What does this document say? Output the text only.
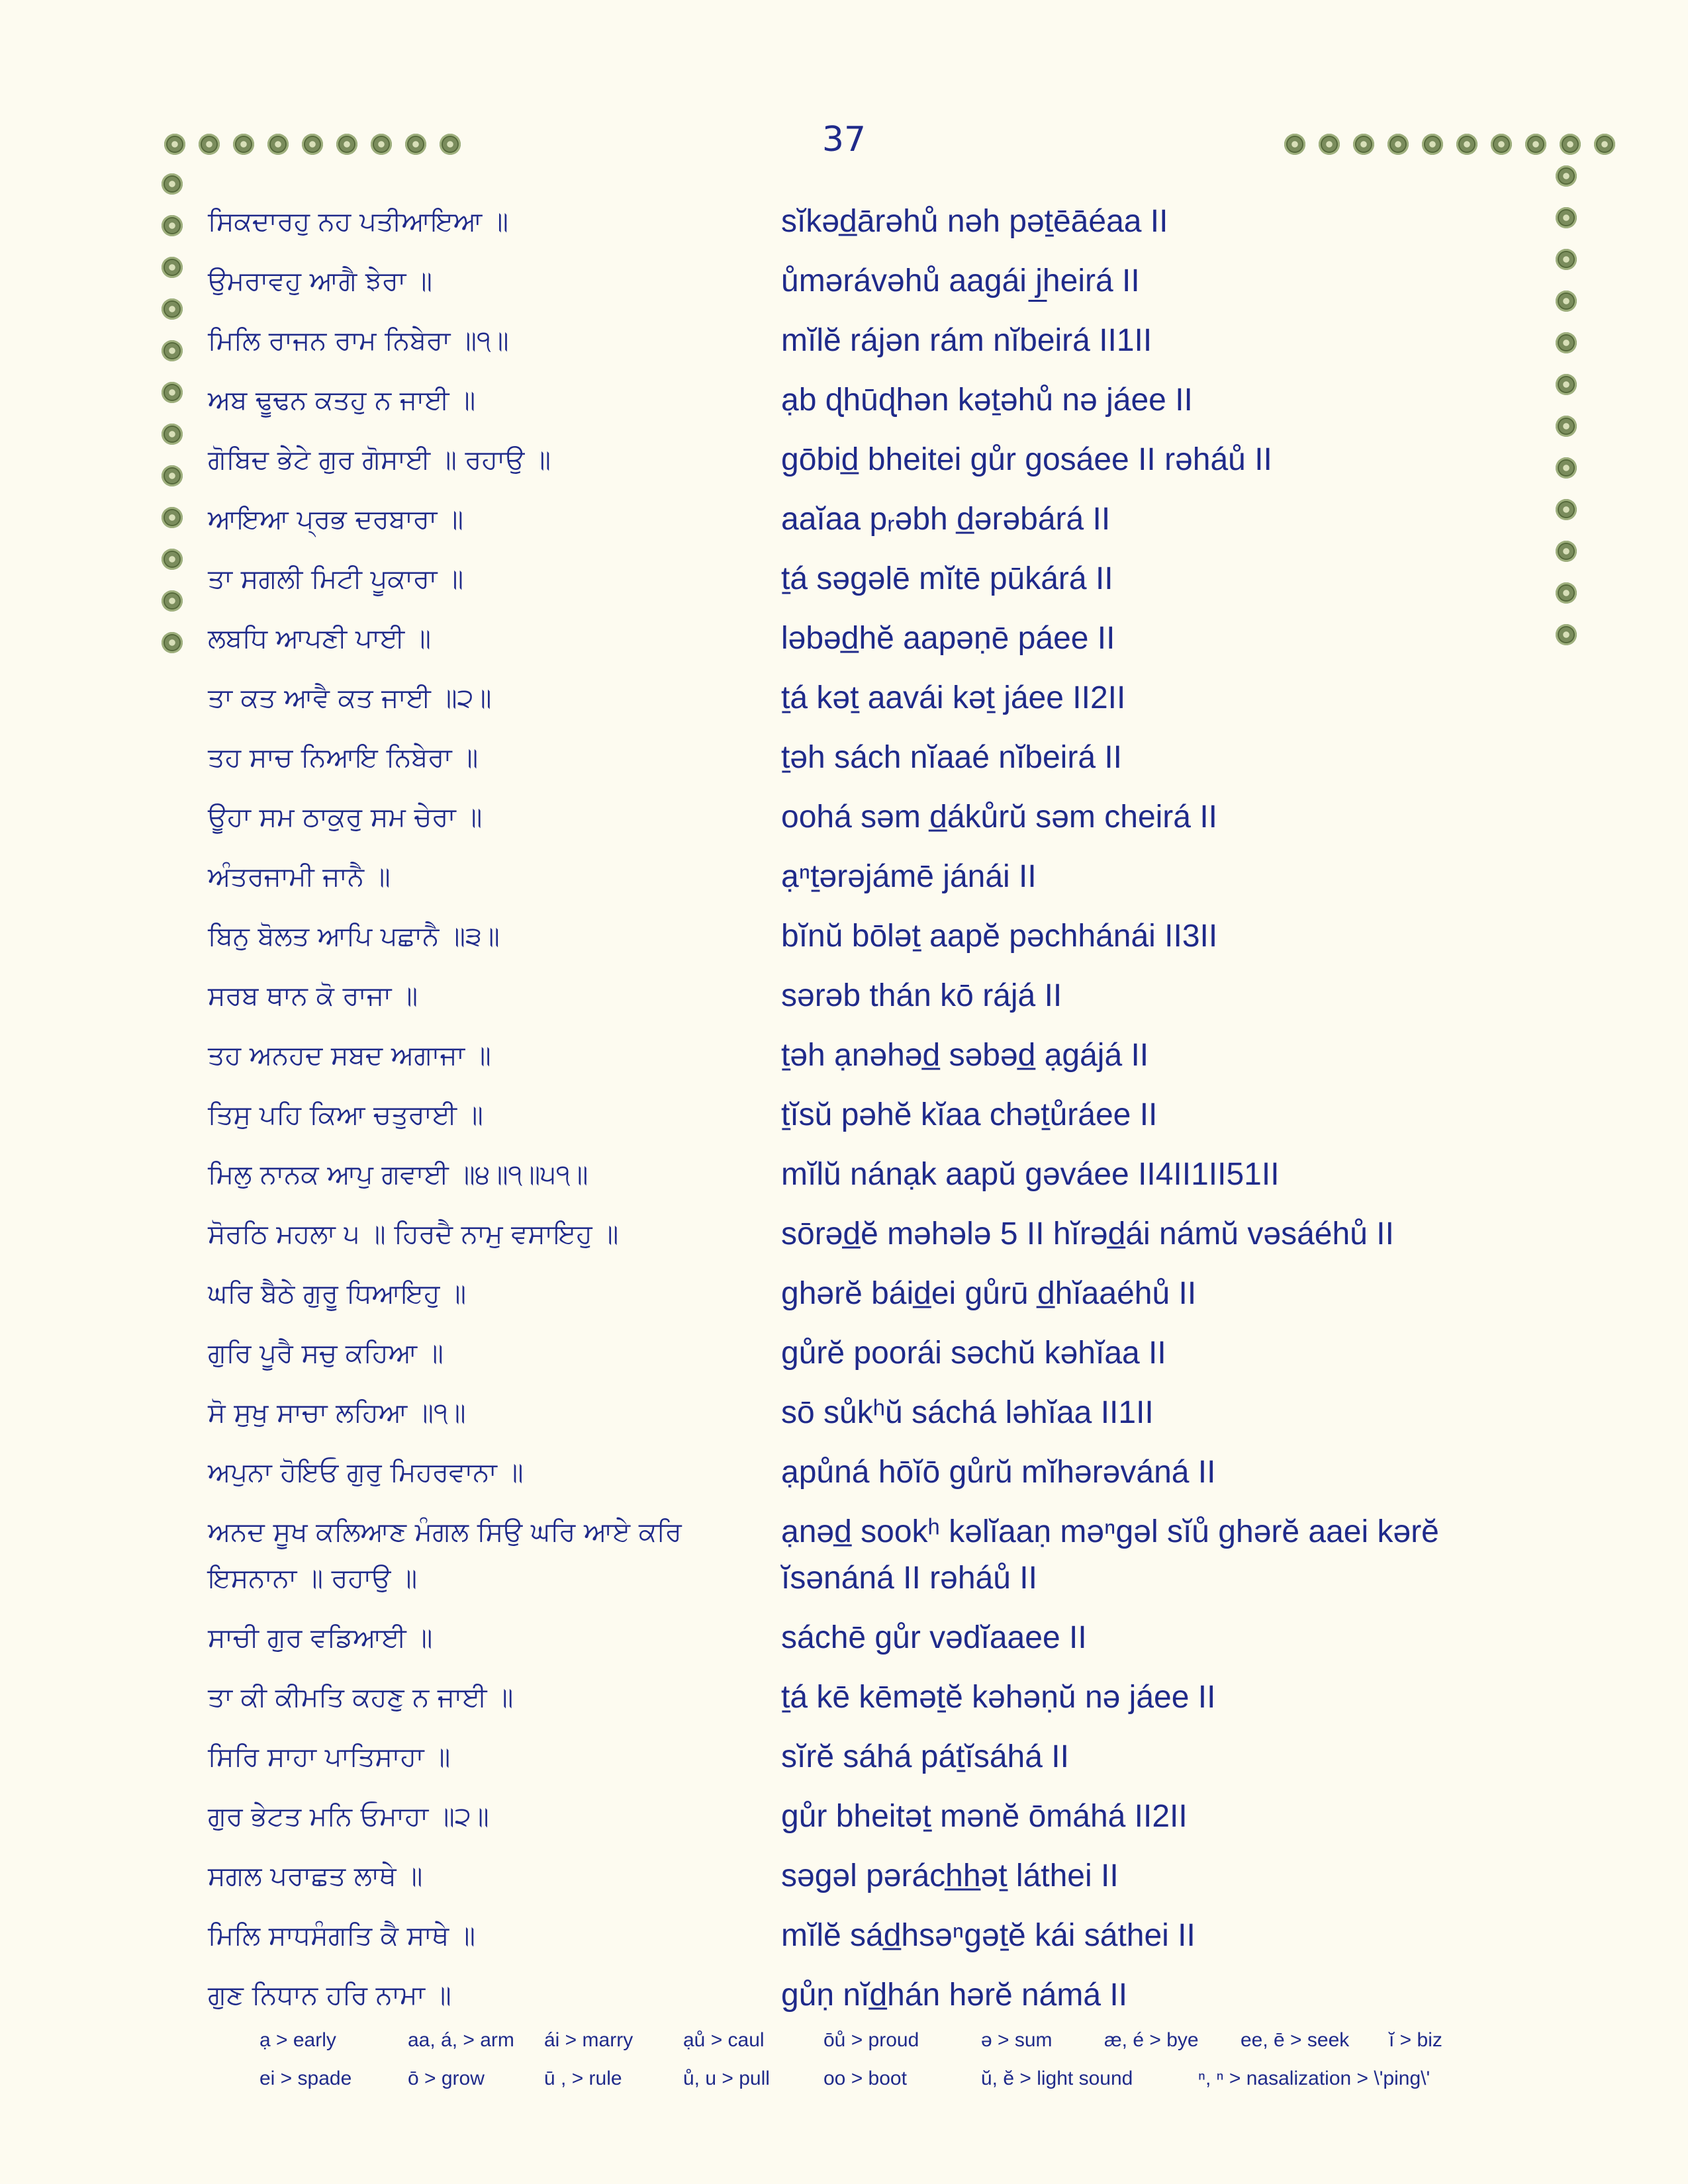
37
ਸਿਕਦਾਰਹੁ ਨਹ ਪਤੀਆਇਆ ॥	sĭkəd̲ārəhů nəh pəṯēāéaa II
ਉਮਰਾਵਹੁ ਆਗੈ ਝੇਰਾ ॥	ůmərávəhů aagái j̲heirá II
ਮਿਲਿ ਰਾਜਨ ਰਾਮ ਨਿਬੇਰਾ ॥੧॥	mĭlĕ rájən rám nĭbeirá II1II
ਅਬ ਢੂਢਨ ਕਤਹੁ ਨ ਜਾਈ ॥	ạb ɖhūɖhən kəṯəhů nə jáee II
ਗੋਬਿਦ ਭੇਟੇ ਗੁਰ ਗੋਸਾਈ ॥ ਰਹਾਉ ॥	gōbid̲ bheitei gůr gosáee II rəháů II
ਆਇਆ ਪ੍ਰਭ ਦਰਬਾਰਾ ॥	aaĭaa pᵣəbh d̲ərəbárá II
ਤਾ ਸਗਲੀ ਮਿਟੀ ਪੂਕਾਰਾ ॥	ṯá səgəlē mĭtē pūkárá II
ਲਬਧਿ ਆਪਣੀ ਪਾਈ ॥	ləbəd̲hĕ aapəṇē páee II
ਤਾ ਕਤ ਆਵੈ ਕਤ ਜਾਈ ॥੨॥	ṯá kəṯ aavái kəṯ jáee II2II
ਤਹ ਸਾਚ ਨਿਆਇ ਨਿਬੇਰਾ ॥	ṯəh sách nĭaaé nĭbeirá II
ਊਹਾ ਸਮ ਠਾਕੁਰੁ ਸਮ ਚੇਰਾ ॥	oohá səm d̲ákůrŭ səm cheirá II
ਅੰਤਰਜਾਮੀ ਜਾਨੈ ॥	ạⁿṯərəjámē jánái II
ਬਿਨੁ ਬੋਲਤ ਆਪਿ ਪਛਾਨੈ ॥੩॥	bĭnŭ bōləṯ aapĕ pəchhánái II3II
ਸਰਬ ਥਾਨ ਕੋ ਰਾਜਾ ॥	sərəb thán kō rájá II
ਤਹ ਅਨਹਦ ਸਬਦ ਅਗਾਜਾ ॥	ṯəh ạnəhəd̲ səbəd̲ ạgájá II
ਤਿਸੁ ਪਹਿ ਕਿਆ ਚਤੁਰਾਈ ॥	ṯĭsŭ pəhĕ kĭaa chəṯůráee II
ਮਿਲੁ ਨਾਨਕ ਆਪੁ ਗਵਾਈ ॥੪॥੧॥੫੧॥	mĭlŭ nánạk aapŭ gəváee II4II1II51II
ਸੋਰਠਿ ਮਹਲਾ ੫ ॥ ਹਿਰਦੈ ਨਾਮੁ ਵਸਾਇਹੁ ॥	sōrəd̲ĕ məhələ 5 II hĭrəd̲ái námŭ vəsáéhů II
ਘਰਿ ਬੈਠੇ ਗੁਰੂ ਧਿਆਇਹੁ ॥	ghərĕ báid̲ei gůrū d̲hĭaaéhů II
ਗੁਰਿ ਪੂਰੈ ਸਚੁ ਕਹਿਆ ॥	gůrĕ poorái səchŭ kəhĭaa II
ਸੋ ਸੁਖੁ ਸਾਚਾ ਲਹਿਆ ॥੧॥	sō sůkʰŭ sáchá ləhĭaa II1II
ਅਪੁਨਾ ਹੋਇਓ ਗੁਰੁ ਮਿਹਰਵਾਨਾ ॥	ạpůná hōĭō gůrŭ mĭhərəváná II
ਅਨਦ ਸੂਖ ਕਲਿਆਣ ਮੰਗਲ ਸਿਉ ਘਰਿ ਆਏ ਕਰਿ ਇਸਨਾਨਾ ॥ ਰਹਾਉ ॥
ạnəd̲ sookʰ kəlĭaaṇ məⁿgəl sĭů ghərĕ aaei kərĕ ĭsənáná II rəháů II
ਸਾਚੀ ਗੁਰ ਵਡਿਆਈ ॥	sáchē gůr vədĭaaee II
ਤਾ ਕੀ ਕੀਮਤਿ ਕਹਣੁ ਨ ਜਾਈ ॥	ṯá kē kēməṯĕ kəhəṇŭ nə jáee II
ਸਿਰਿ ਸਾਹਾ ਪਾਤਿਸਾਹਾ ॥	sĭrĕ sáhá páṯĭsáhá II
ਗੁਰ ਭੇਟਤ ਮਨਿ ਓਮਾਹਾ ॥੨॥	gůr bheitəṯ mənĕ ōmáhá II2II
ਸਗਲ ਪਰਾਛਤ ਲਾਥੇ ॥	səgəl pərách̲h̲əṯ láthei II
ਮਿਲਿ ਸਾਧਸੰਗਤਿ ਕੈ ਸਾਥੇ ॥	mĭlĕ sád̲hsəⁿgəṯĕ kái sáthei II
ਗੁਣ ਨਿਧਾਨ ਹਰਿ ਨਾਮਾ ॥	gůṇ nĭd̲hán hərĕ námá II
ạ > early	aa, á, > arm ái > marry	ạů > caul	ōů > proud	ə > sum	æ, é > bye ee, ē > seek ĭ > biz
ei > spade	ō > grow	ū , > rule	ů, u > pull	oo > boot	ŭ, ĕ > light sound	ⁿ, ⁿ > nasalization > \'ping\'
